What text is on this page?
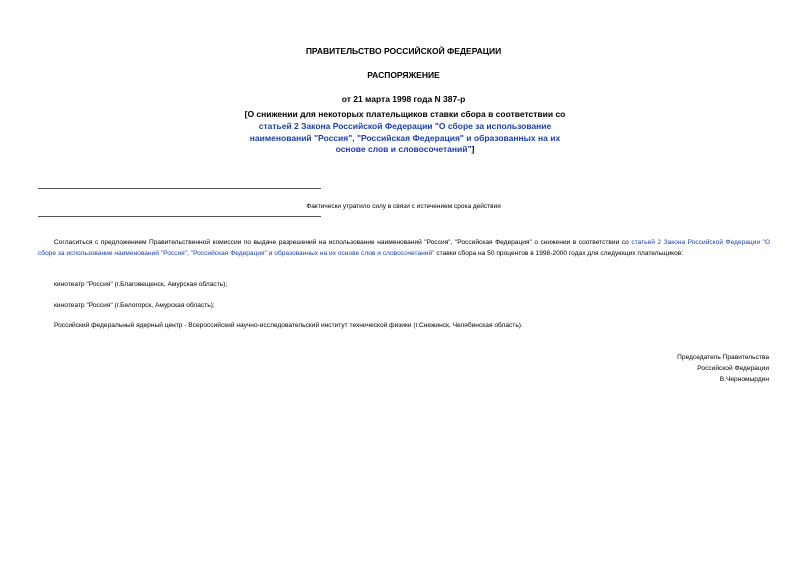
ПРАВИТЕЛЬСТВО РОССИЙСКОЙ ФЕДЕРАЦИИ
РАСПОРЯЖЕНИЕ
от 21 марта 1998 года N 387-р
[О снижении для некоторых плательщиков ставки сбора в соответствии со статьей 2 Закона Российской Федерации "О сборе за использование наименований "Россия", "Российская Федерация" и образованных на их основе слов и словосочетаний"]
Фактически утратило силу в связи с истечением срока действия
Согласиться с предложением Правительственной комиссии по выдаче разрешений на использование наименований "Россия", "Российская Федерация" о снижении в соответствии со статьей 2 Закона Российской Федерации "О сборе за использование наименований "Россия", "Российская Федерация" и образованных на их основе слов и словосочетаний" ставки сбора на 50 процентов в 1998-2000 годах для следующих плательщиков:
кинотеатр "Россия" (г.Благовещенск, Амурская область);
кинотеатр "Россия" (г.Белогорск, Амурская область);
Российский федеральный ядерный центр - Всероссийский научно-исследовательский институт технической физики (г.Снежинск, Челябинская область).
Председатель Правительства
Российской Федерации
В.Черномырдин
